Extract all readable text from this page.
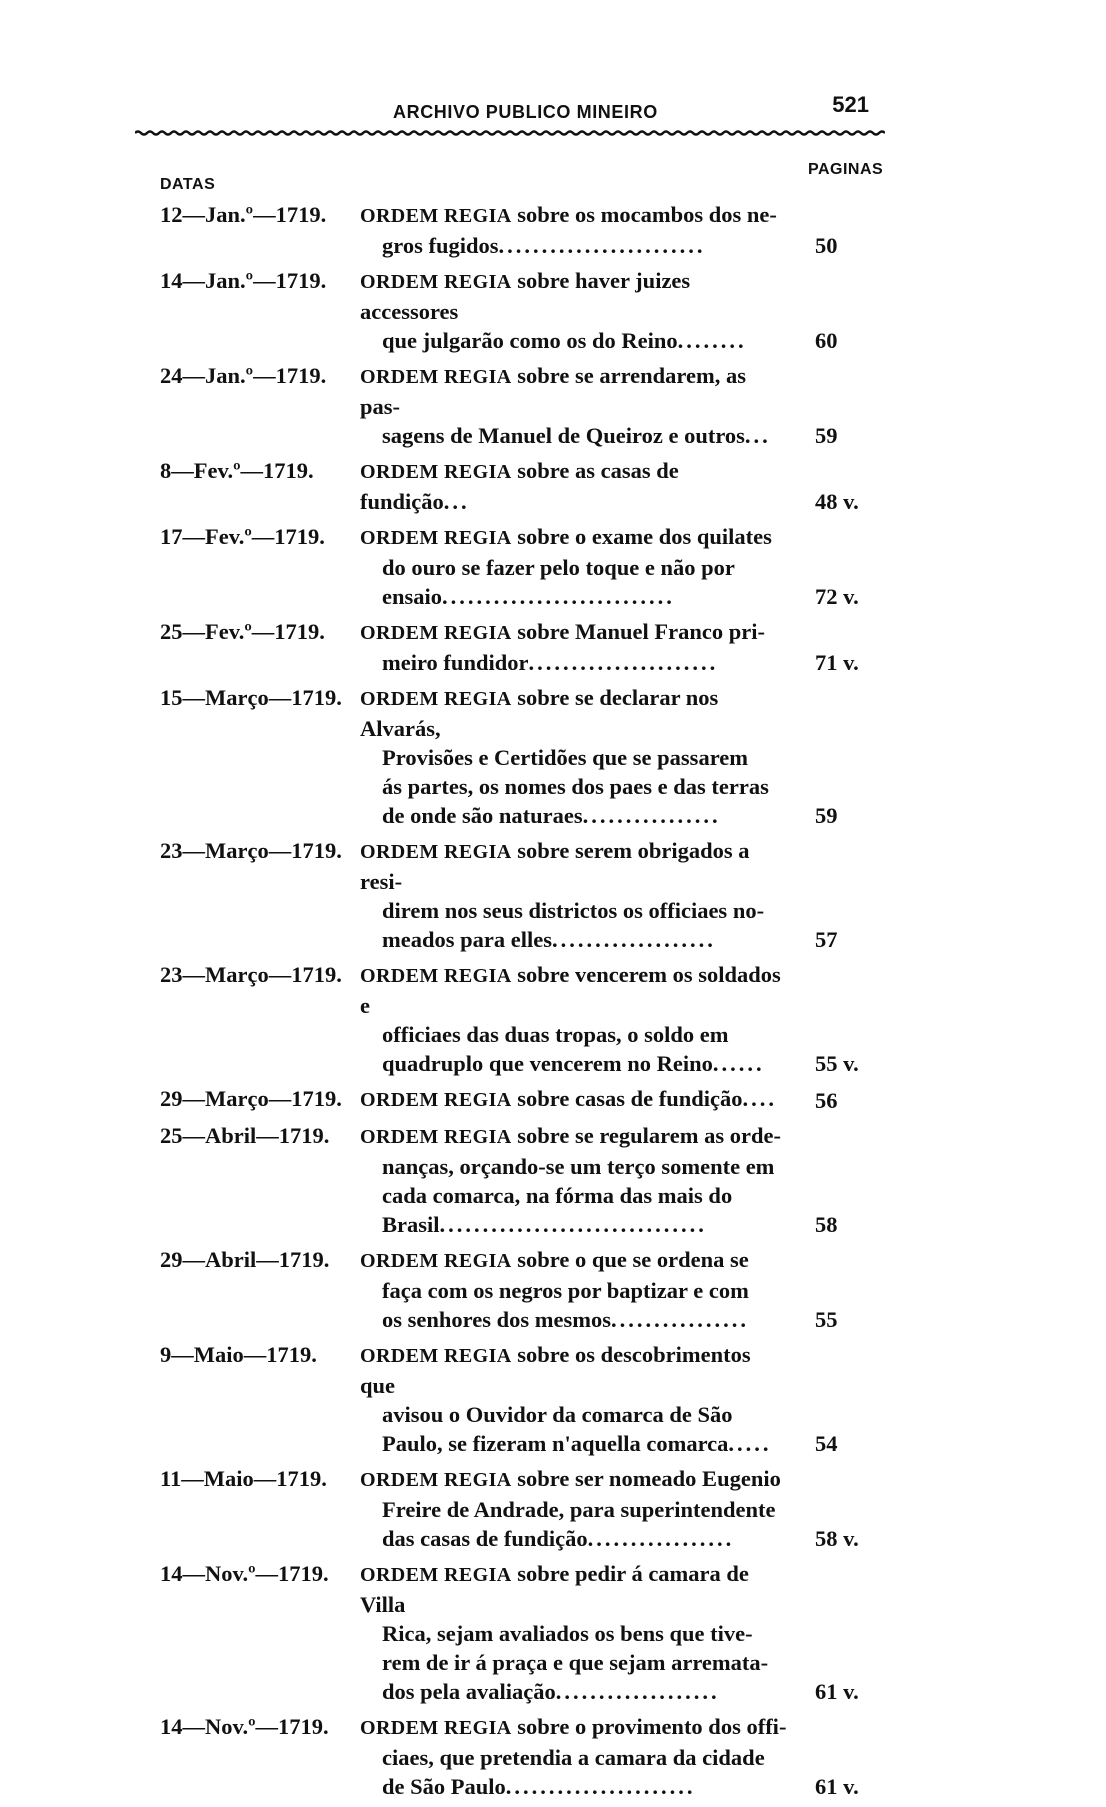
ARCHIVO PUBLICO MINEIRO	521
DATAS
PAGINAS
12—Jan.º—1719. ORDEM REGIA sobre os mocambos dos ne-
gros fugidos........................	50
14—Jan.º—1719. ORDEM REGIA sobre haver juizes accessores
que julgarão como os do Reino........	60
24—Jan.º—1719. ORDEM REGIA sobre se arrendarem, as pas-
sagens de Manuel de Queiroz e outros...	59
8—Fev.º—1719. ORDEM REGIA sobre as casas de fundição...	48 v.
17—Fev.º—1719. ORDEM REGIA sobre o exame dos quilates
do ouro se fazer pelo toque e não por
ensaio...........................	72 v.
25—Fev.º—1719. ORDEM REGIA sobre Manuel Franco pri-
meiro fundidor......................	71 v.
15—Março—1719. ORDEM REGIA sobre se declarar nos Alvarás,
Provisões e Certidões que se passarem
ás partes, os nomes dos paes e das terras
de onde são naturaes................	59
23—Março—1719. ORDEM REGIA sobre serem obrigados a resi-
direm nos seus districtos os officiaes no-
meados para elles...................	57
23—Março—1719. ORDEM REGIA sobre vencerem os soldados e
officiaes das duas tropas, o soldo em
quadruplo que vencerem no Reino......	55 v.
29—Março—1719. ORDEM REGIA sobre casas de fundição....	56
25—Abril—1719. ORDEM REGIA sobre se regularem as orde-
nanças, orçando-se um terço somente em
cada comarca, na fórma das mais do
Brasil...............................	58
29—Abril—1719. ORDEM REGIA sobre o que se ordena se
faça com os negros por baptizar e com
os senhores dos mesmos................	55
9—Maio—1719. ORDEM REGIA sobre os descobrimentos que
avisou o Ouvidor da comarca de São
Paulo, se fizeram n'aquella comarca.....	54
11—Maio—1719. ORDEM REGIA sobre ser nomeado Eugenio
Freire de Andrade, para superintendente
das casas de fundição.................	58 v.
14—Nov.º—1719. ORDEM REGIA sobre pedir á camara de Villa
Rica, sejam avaliados os bens que tive-
rem de ir á praça e que sejam arremata-
dos pela avaliação...................	61 v.
14—Nov.º—1719. ORDEM REGIA sobre o provimento dos offi-
ciaes, que pretendia a camara da cidade
de São Paulo......................	61 v.
